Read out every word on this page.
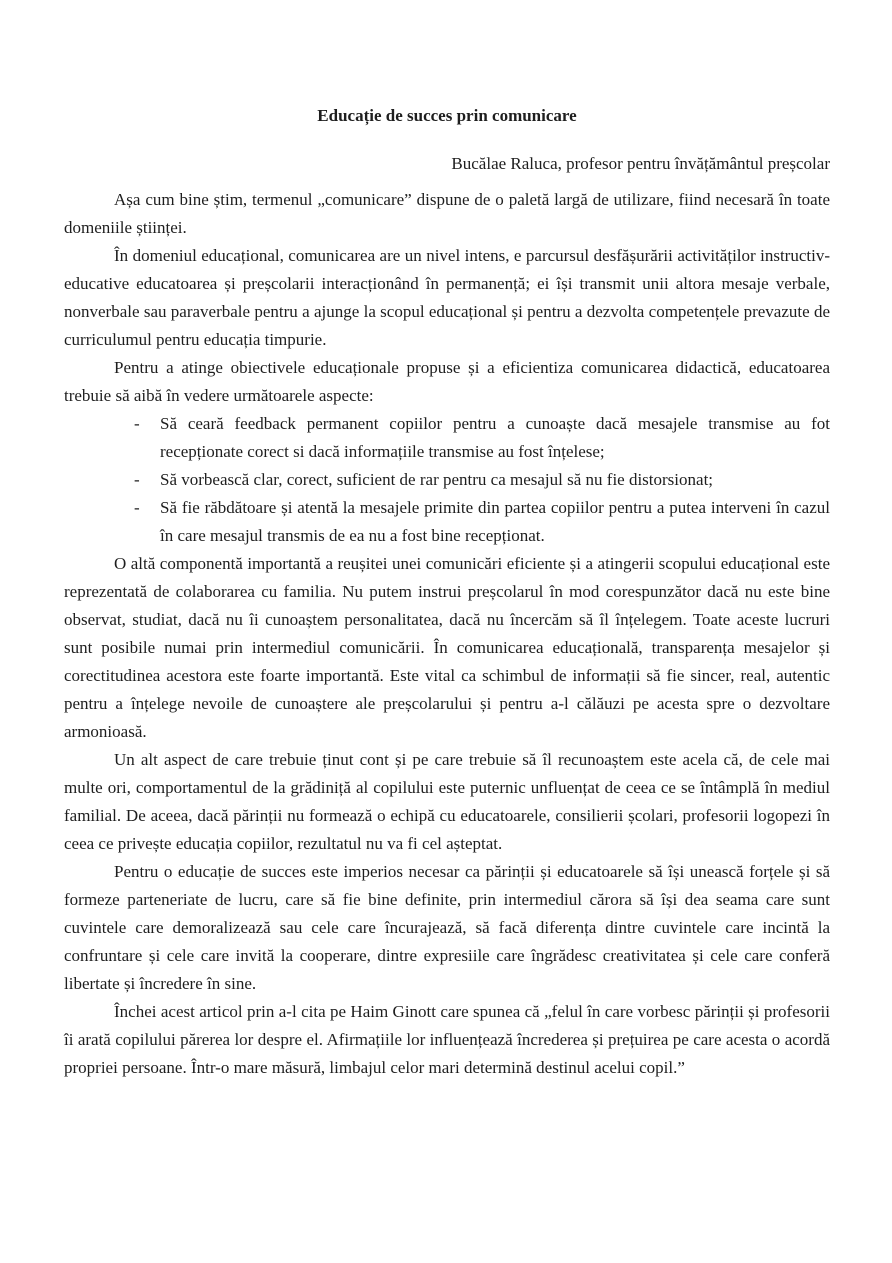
Educație de succes prin comunicare

Bucălae Raluca, profesor pentru învățământul preșcolar

Așa cum bine știm, termenul „comunicare” dispune de o paletă largă de utilizare, fiind necesară în toate domeniile științei.

În domeniul educațional, comunicarea are un nivel intens, e parcursul desfășurării activităților instructiv-educative educatoarea și preșcolarii interacționând în permanență; ei își transmit unii altora mesaje verbale, nonverbale sau paraverbale pentru a ajunge la scopul educațional și pentru a dezvolta competențele prevazute de curriculumul pentru educația timpurie.

Pentru a atinge obiectivele educaționale propuse și a eficientiza comunicarea didactică, educatoarea trebuie să aibă în vedere următoarele aspecte:

- Să ceară feedback permanent copiilor pentru a cunoaște dacă mesajele transmise au fot recepționate corect si dacă informațiile transmise au fost înțelese;
- Să vorbească clar, corect, suficient de rar pentru ca mesajul să nu fie distorsionat;
- Să fie răbdătoare și atentă la mesajele primite din partea copiilor pentru a putea interveni în cazul în care mesajul transmis de ea nu a fost bine recepționat.

O altă componentă importantă a reușitei unei comunicări eficiente și a atingerii scopului educațional este reprezentată de colaborarea cu familia. Nu putem instrui preșcolarul în mod corespunzător dacă nu este bine observat, studiat, dacă nu îi cunoaștem personalitatea, dacă nu încercăm să îl înțelegem. Toate aceste lucruri sunt posibile numai prin intermediul comunicării. În comunicarea educațională, transparența mesajelor și corectitudinea acestora este foarte importantă. Este vital ca schimbul de informații să fie sincer, real, autentic pentru a înțelege nevoile de cunoaștere ale preșcolarului și pentru a-l călăuzi pe acesta spre o dezvoltare armonioasă.

Un alt aspect de care trebuie ținut cont și pe care trebuie să îl recunoaștem este acela că, de cele mai multe ori, comportamentul de la grădiniță al copilului este puternic unfluențat de ceea ce se întâmplă în mediul familial. De aceea, dacă părinții nu formează o echipă cu educatoarele, consilierii școlari, profesorii logopezi în ceea ce privește educația copiilor, rezultatul nu va fi cel așteptat.

Pentru o educație de succes este imperios necesar ca părinții și educatoarele să își unească forțele și să formeze parteneriate de lucru, care să fie bine definite, prin intermediul cărora să își dea seama care sunt cuvintele care demoralizează sau cele care încurajează, să facă diferența dintre cuvintele care incintă la confruntare și cele care invită la cooperare, dintre expresiile care îngrădesc creativitatea și cele care conferă libertate și încredere în sine.

Închei acest articol prin a-l cita pe Haim Ginott care spunea că „felul în care vorbesc părinții și profesorii îi arată copilului părerea lor despre el. Afirmațiile lor influențează încrederea și prețuirea pe care acesta o acordă propriei persoane. Într-o mare măsură, limbajul celor mari determină destinul acelui copil.”
